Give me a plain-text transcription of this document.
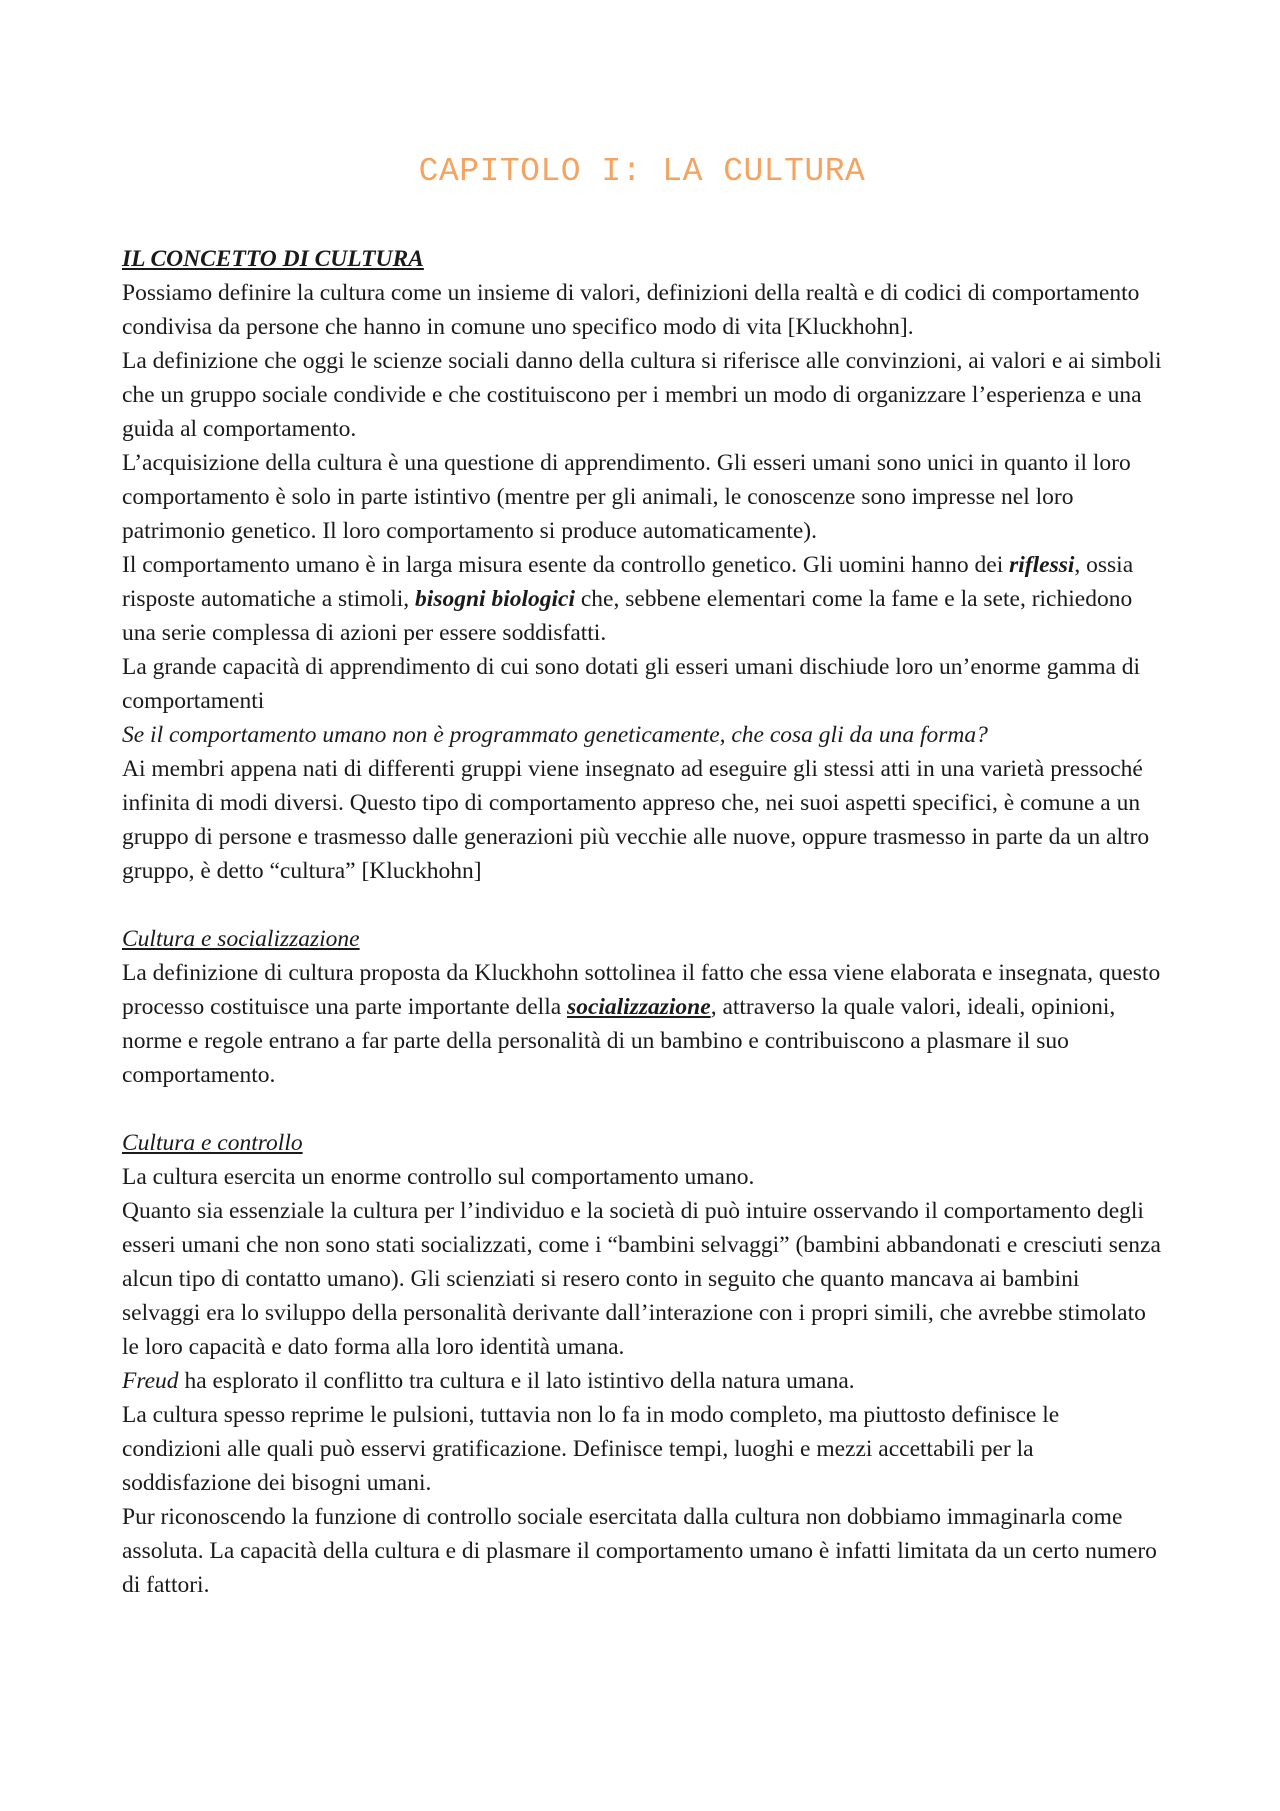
CAPITOLO I: LA CULTURA
IL CONCETTO DI CULTURA

Possiamo definire la cultura come un insieme di valori, definizioni della realtà e di codici di comportamento condivisa da persone che hanno in comune uno specifico modo di vita [Kluckhohn].

La definizione che oggi le scienze sociali danno della cultura si riferisce alle convinzioni, ai valori e ai simboli che un gruppo sociale condivide e che costituiscono per i membri un modo di organizzare l’esperienza e una guida al comportamento.

L’acquisizione della cultura è una questione di apprendimento. Gli esseri umani sono unici in quanto il loro comportamento è solo in parte istintivo (mentre per gli animali, le conoscenze sono impresse nel loro patrimonio genetico. Il loro comportamento si produce automaticamente).

Il comportamento umano è in larga misura esente da controllo genetico. Gli uomini hanno dei riflessi, ossia risposte automatiche a stimoli, bisogni biologici che, sebbene elementari come la fame e la sete, richiedono una serie complessa di azioni per essere soddisfatti.

La grande capacità di apprendimento di cui sono dotati gli esseri umani dischiude loro un’enorme gamma di comportamenti

Se il comportamento umano non è programmato geneticamente, che cosa gli da una forma?

Ai membri appena nati di differenti gruppi viene insegnato ad eseguire gli stessi atti in una varietà pressoché infinita di modi diversi. Questo tipo di comportamento appreso che, nei suoi aspetti specifici, è comune a un gruppo di persone e trasmesso dalle generazioni più vecchie alle nuove, oppure trasmesso in parte da un altro gruppo, è detto “cultura” [Kluckhohn]

Cultura e socializzazione

La definizione di cultura proposta da Kluckhohn sottolinea il fatto che essa viene elaborata e insegnata, questo processo costituisce una parte importante della socializzazione, attraverso la quale valori, ideali, opinioni, norme e regole entrano a far parte della personalità di un bambino e contribuiscono a plasmare il suo comportamento.

Cultura e controllo

La cultura esercita un enorme controllo sul comportamento umano.

Quanto sia essenziale la cultura per l’individuo e la società di può intuire osservando il comportamento degli esseri umani che non sono stati socializzati, come i “bambini selvaggi” (bambini abbandonati e cresciuti senza alcun tipo di contatto umano). Gli scienziati si resero conto in seguito che quanto mancava ai bambini selvaggi era lo sviluppo della personalità derivante dall’interazione con i propri simili, che avrebbe stimolato le loro capacità e dato forma alla loro identità umana.

Freud ha esplorato il conflitto tra cultura e il lato istintivo della natura umana.

La cultura spesso reprime le pulsioni, tuttavia non lo fa in modo completo, ma piuttosto definisce le condizioni alle quali può esservi gratificazione. Definisce tempi, luoghi e mezzi accettabili per la soddisfazione dei bisogni umani.

Pur riconoscendo la funzione di controllo sociale esercitata dalla cultura non dobbiamo immaginarla come assoluta. La capacità della cultura e di plasmare il comportamento umano è infatti limitata da un certo numero di fattori.
